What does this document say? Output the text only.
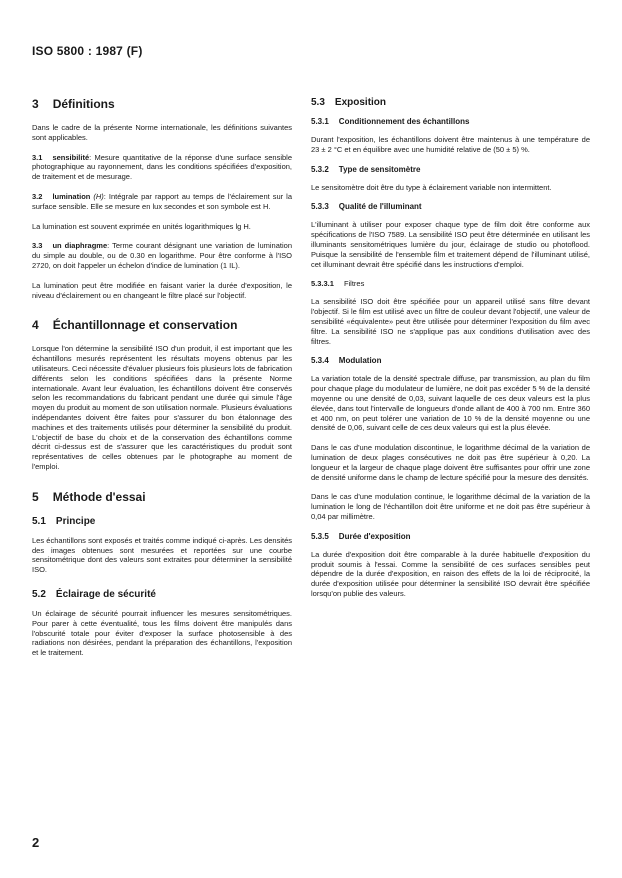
ISO 5800 : 1987 (F)
3 Définitions
Dans le cadre de la présente Norme internationale, les définitions suivantes sont applicables.
3.1 sensibilité: Mesure quantitative de la réponse d'une surface sensible photographique au rayonnement, dans les conditions spécifiées d'exposition, de traitement et de mesurage.
3.2 lumination (H): Intégrale par rapport au temps de l'éclairement sur la surface sensible. Elle se mesure en lux secondes et son symbole est H.
La lumination est souvent exprimée en unités logarithmiques lg H.
3.3 un diaphragme: Terme courant désignant une variation de lumination du simple au double, ou de 0.30 en logarithme. Pour être conforme à l'ISO 2720, on doit l'appeler un échelon d'indice de lumination (1 IL).
La lumination peut être modifiée en faisant varier la durée d'exposition, le niveau d'éclairement ou en changeant le filtre placé sur l'objectif.
4 Échantillonnage et conservation
Lorsque l'on détermine la sensibilité ISO d'un produit, il est important que les échantillons mesurés représentent les résultats moyens obtenus par les utilisateurs. Ceci nécessite d'évaluer plusieurs fois plusieurs lots de fabrication différents selon les conditions spécifiées dans la présente Norme internationale. Avant leur évaluation, les échantillons doivent être conservés selon les recommandations du fabricant pendant une durée qui simule l'âge moyen du produit au moment de son utilisation normale. Plusieurs évaluations indépendantes doivent être faites pour s'assurer du bon étalonnage des machines et des traitements utilisés pour déterminer la sensibilité du produit. L'objectif de base du choix et de la conservation des échantillons comme décrit ci-dessus est de s'assurer que les caractéristiques du produit sont représentatives de celles obtenues par le photographe au moment de l'emploi.
5 Méthode d'essai
5.1 Principe
Les échantillons sont exposés et traités comme indiqué ci-après. Les densités des images obtenues sont mesurées et reportées sur une courbe sensitométrique dont des valeurs sont extraites pour déterminer la sensibilité ISO.
5.2 Éclairage de sécurité
Un éclairage de sécurité pourrait influencer les mesures sensitométriques. Pour parer à cette éventualité, tous les films doivent être manipulés dans l'obscurité totale pour éviter d'exposer la surface photosensible à des radiations non désirées, pendant la préparation des échantillons, l'exposition et le traitement.
5.3 Exposition
5.3.1 Conditionnement des échantillons
Durant l'exposition, les échantillons doivent être maintenus à une température de 23 ± 2 °C et en équilibre avec une humidité relative de (50 ± 5) %.
5.3.2 Type de sensitomètre
Le sensitomètre doit être du type à éclairement variable non intermittent.
5.3.3 Qualité de l'illuminant
L'illuminant à utiliser pour exposer chaque type de film doit être conforme aux spécifications de l'ISO 7589. La sensibilité ISO peut être déterminée en utilisant les illuminants sensitométriques lumière du jour, éclairage de studio ou photoflood. Puisque la sensibilité de l'ensemble film et traitement dépend de l'illuminant utilisé, cet illuminant devrait être spécifié dans les instructions d'emploi.
5.3.3.1 Filtres
La sensibilité ISO doit être spécifiée pour un appareil utilisé sans filtre devant l'objectif. Si le film est utilisé avec un filtre de couleur devant l'objectif, une valeur de sensibilité «équivalente» peut être utilisée pour déterminer l'exposition du film avec filtre. La sensibilité ISO ne s'applique pas aux conditions d'utilisation avec des filtres.
5.3.4 Modulation
La variation totale de la densité spectrale diffuse, par transmission, au plan du film pour chaque plage du modulateur de lumière, ne doit pas excéder 5 % de la densité moyenne ou une densité de 0,03, suivant laquelle de ces deux valeurs est la plus élevée, dans tout l'intervalle de longueurs d'onde allant de 400 à 700 nm. Entre 360 et 400 nm, on peut tolérer une variation de 10 % de la densité moyenne ou une densité de 0,06, suivant celle de ces deux valeurs qui est la plus élevée.
Dans le cas d'une modulation discontinue, le logarithme décimal de la variation de lumination de deux plages consécutives ne doit pas être supérieur à 0,20. La longueur et la largeur de chaque plage doivent être suffisantes pour offrir une zone de densité uniforme dans le champ de lecture spécifié pour la mesure des densités.
Dans le cas d'une modulation continue, le logarithme décimal de la variation de la lumination le long de l'échantillon doit être uniforme et ne doit pas être supérieur à 0,04 par millimètre.
5.3.5 Durée d'exposition
La durée d'exposition doit être comparable à la durée habituelle d'exposition du produit soumis à l'essai. Comme la sensibilité de ces surfaces sensibles peut dépendre de la durée d'exposition, en raison des effets de la loi de réciprocité, la durée d'exposition utilisée pour déterminer la sensibilité ISO devrait être spécifiée lorsqu'on publie des valeurs.
2
